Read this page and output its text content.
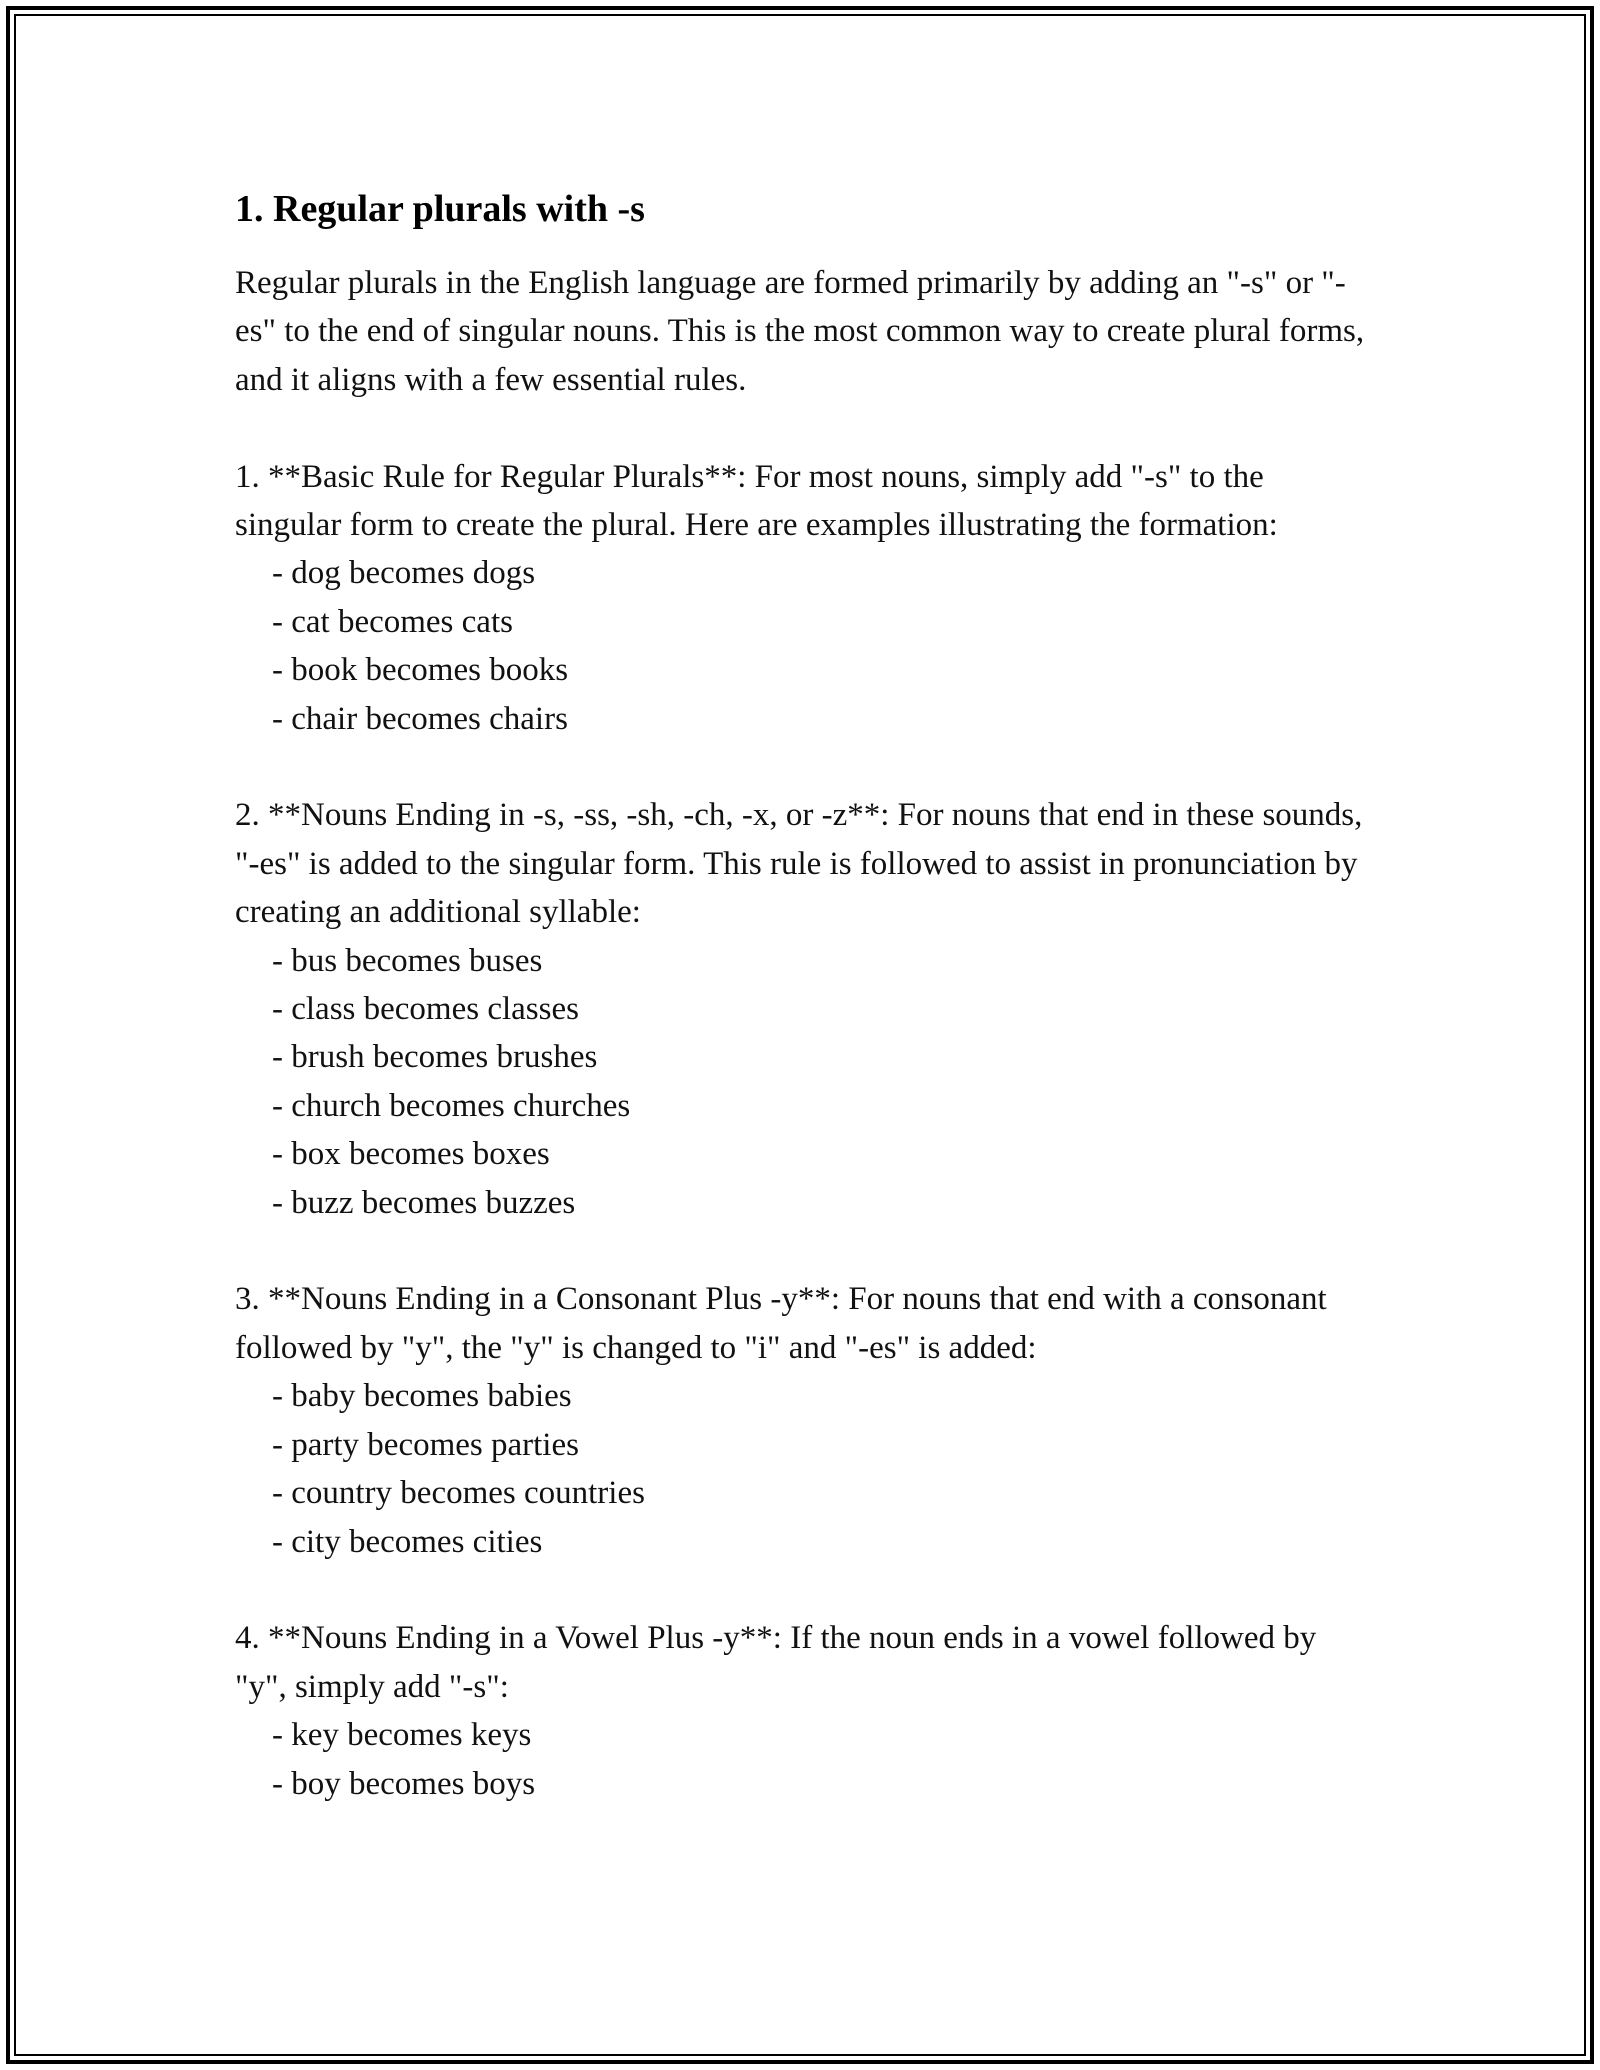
1. Regular plurals with -s

Regular plurals in the English language are formed primarily by adding an "-s" or "-es" to the end of singular nouns. This is the most common way to create plural forms, and it aligns with a few essential rules.

1. **Basic Rule for Regular Plurals**: For most nouns, simply add "-s" to the singular form to create the plural. Here are examples illustrating the formation:

- dog becomes dogs
- cat becomes cats
- book becomes books
- chair becomes chairs

2. **Nouns Ending in -s, -ss, -sh, -ch, -x, or -z**: For nouns that end in these sounds, "-es" is added to the singular form. This rule is followed to assist in pronunciation by creating an additional syllable:

- bus becomes buses
- class becomes classes
- brush becomes brushes
- church becomes churches
- box becomes boxes
- buzz becomes buzzes

3. **Nouns Ending in a Consonant Plus -y**: For nouns that end with a consonant followed by "y", the "y" is changed to "i" and "-es" is added:

- baby becomes babies
- party becomes parties
- country becomes countries
- city becomes cities

4. **Nouns Ending in a Vowel Plus -y**: If the noun ends in a vowel followed by "y", simply add "-s":

- key becomes keys
- boy becomes boys
